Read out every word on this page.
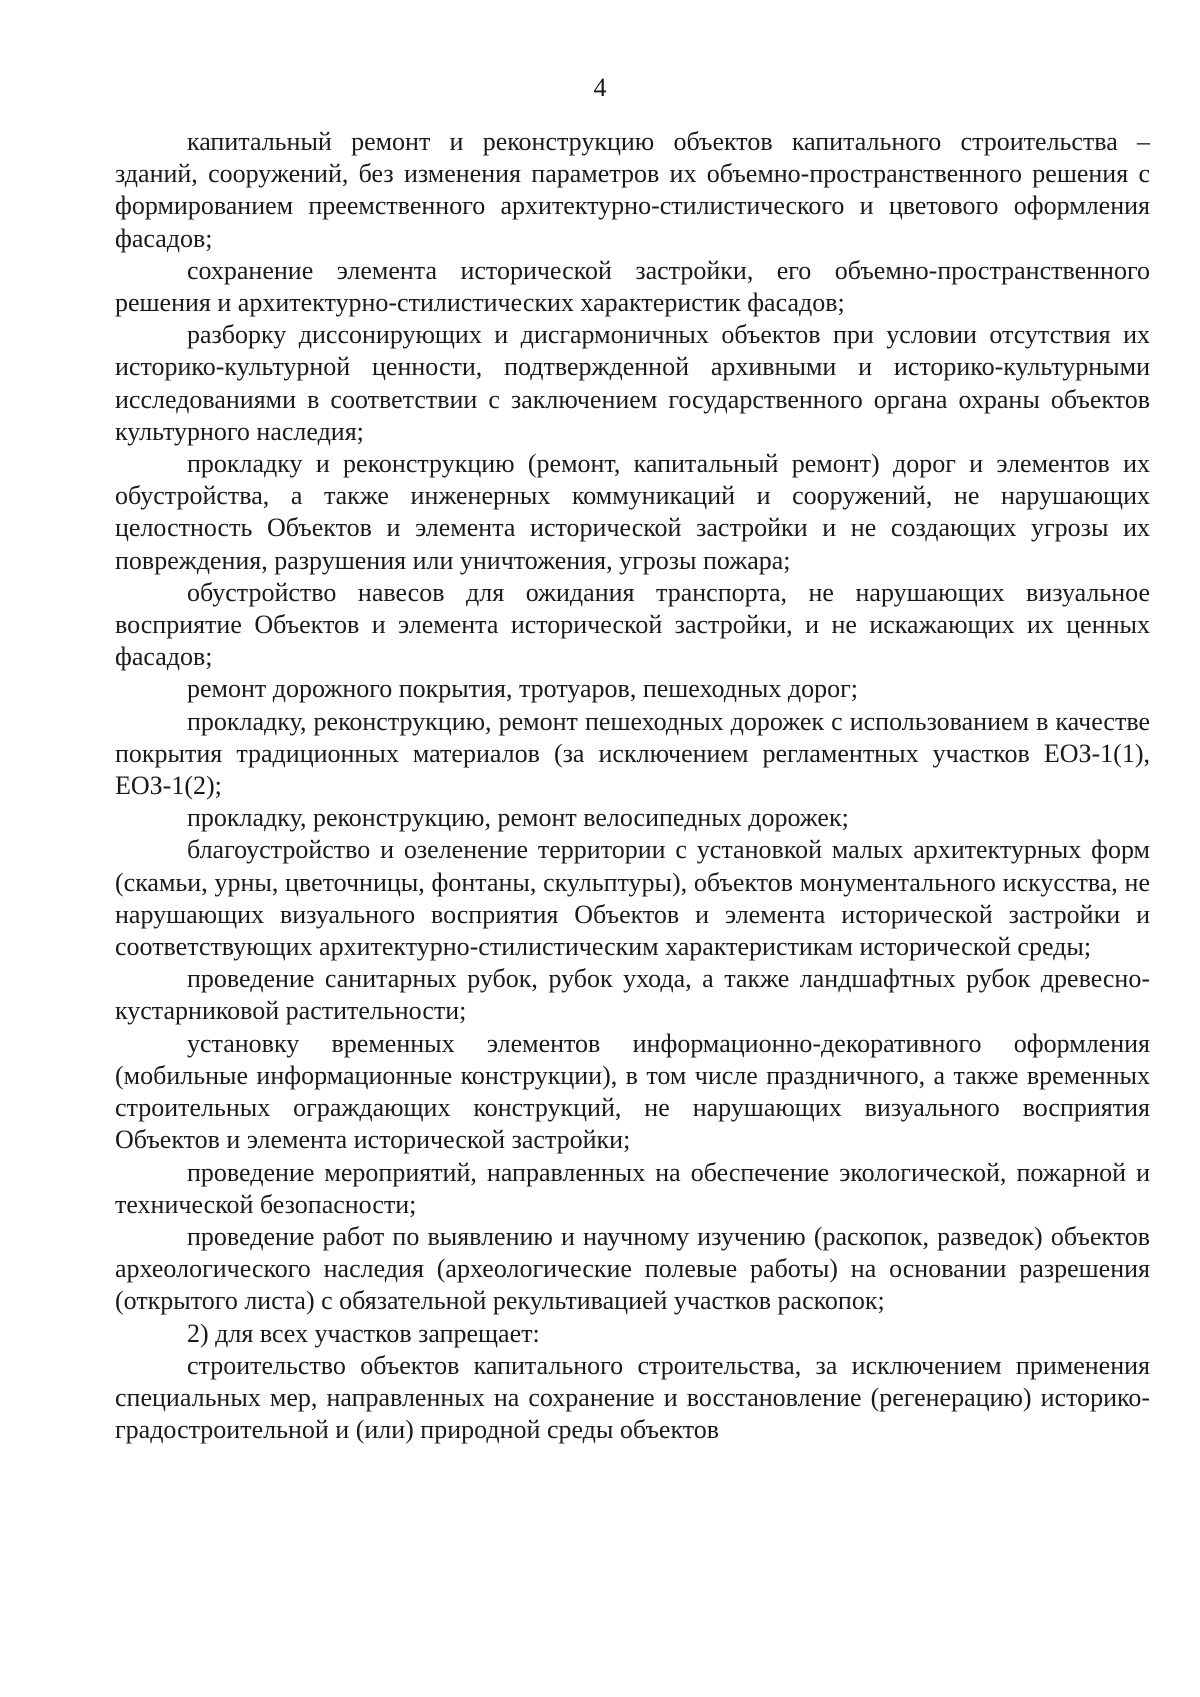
4

капитальный ремонт и реконструкцию объектов капитального строительства – зданий, сооружений, без изменения параметров их объемно-пространственного решения с формированием преемственного архитектурно-стилистического и цветового оформления фасадов;

сохранение элемента исторической застройки, его объемно-пространственного решения и архитектурно-стилистических характеристик фасадов;

разборку диссонирующих и дисгармоничных объектов при условии отсутствия их историко-культурной ценности, подтвержденной архивными и историко-культурными исследованиями в соответствии с заключением государственного органа охраны объектов культурного наследия;

прокладку и реконструкцию (ремонт, капитальный ремонт) дорог и элементов их обустройства, а также инженерных коммуникаций и сооружений, не нарушающих целостность Объектов и элемента исторической застройки и не создающих угрозы их повреждения, разрушения или уничтожения, угрозы пожара;

обустройство навесов для ожидания транспорта, не нарушающих визуальное восприятие Объектов и элемента исторической застройки, и не искажающих их ценных фасадов;

ремонт дорожного покрытия, тротуаров, пешеходных дорог;

прокладку, реконструкцию, ремонт пешеходных дорожек с использованием в качестве покрытия традиционных материалов (за исключением регламентных участков ЕОЗ-1(1), ЕОЗ-1(2);

прокладку, реконструкцию, ремонт велосипедных дорожек;

благоустройство и озеленение территории с установкой малых архитектурных форм (скамьи, урны, цветочницы, фонтаны, скульптуры), объектов монументального искусства, не нарушающих визуального восприятия Объектов и элемента исторической застройки и соответствующих архитектурно-стилистическим характеристикам исторической среды;

проведение санитарных рубок, рубок ухода, а также ландшафтных рубок древесно-кустарниковой растительности;

установку временных элементов информационно-декоративного оформления (мобильные информационные конструкции), в том числе праздничного, а также временных строительных ограждающих конструкций, не нарушающих визуального восприятия Объектов и элемента исторической застройки;

проведение мероприятий, направленных на обеспечение экологической, пожарной и технической безопасности;

проведение работ по выявлению и научному изучению (раскопок, разведок) объектов археологического наследия (археологические полевые работы) на основании разрешения (открытого листа) с обязательной рекультивацией участков раскопок;

2) для всех участков запрещает:

строительство объектов капитального строительства, за исключением применения специальных мер, направленных на сохранение и восстановление (регенерацию) историко-градостроительной и (или) природной среды объектов
